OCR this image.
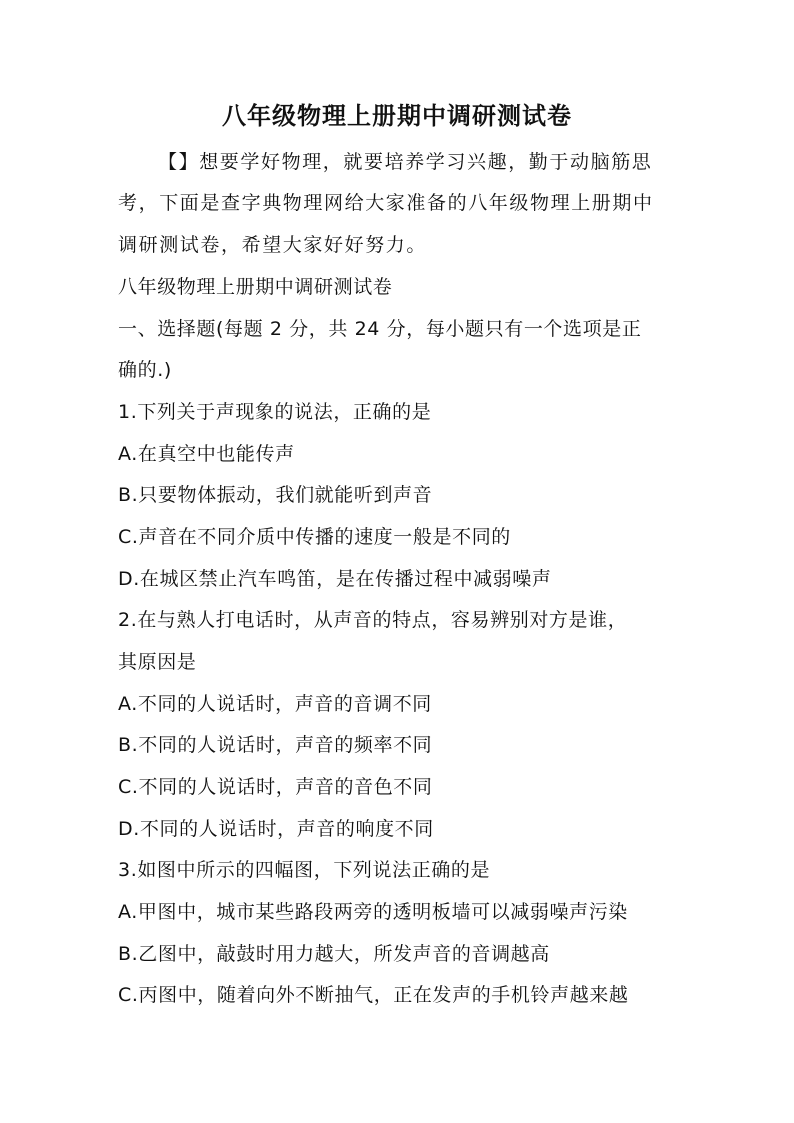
八年级物理上册期中调研测试卷
【】想要学好物理，就要培养学习兴趣，勤于动脑筋思
考，下面是查字典物理网给大家准备的八年级物理上册期中
调研测试卷，希望大家好好努力。
八年级物理上册期中调研测试卷
一、选择题(每题 2 分，共 24 分，每小题只有一个选项是正
确的.)
1.下列关于声现象的说法，正确的是
A.在真空中也能传声
B.只要物体振动，我们就能听到声音
C.声音在不同介质中传播的速度一般是不同的
D.在城区禁止汽车鸣笛，是在传播过程中减弱噪声
2.在与熟人打电话时，从声音的特点，容易辨别对方是谁，
其原因是
A.不同的人说话时，声音的音调不同
B.不同的人说话时，声音的频率不同
C.不同的人说话时，声音的音色不同
D.不同的人说话时，声音的响度不同
3.如图中所示的四幅图，下列说法正确的是
A.甲图中，城市某些路段两旁的透明板墙可以减弱噪声污染
B.乙图中，敲鼓时用力越大，所发声音的音调越高
C.丙图中，随着向外不断抽气，正在发声的手机铃声越来越
